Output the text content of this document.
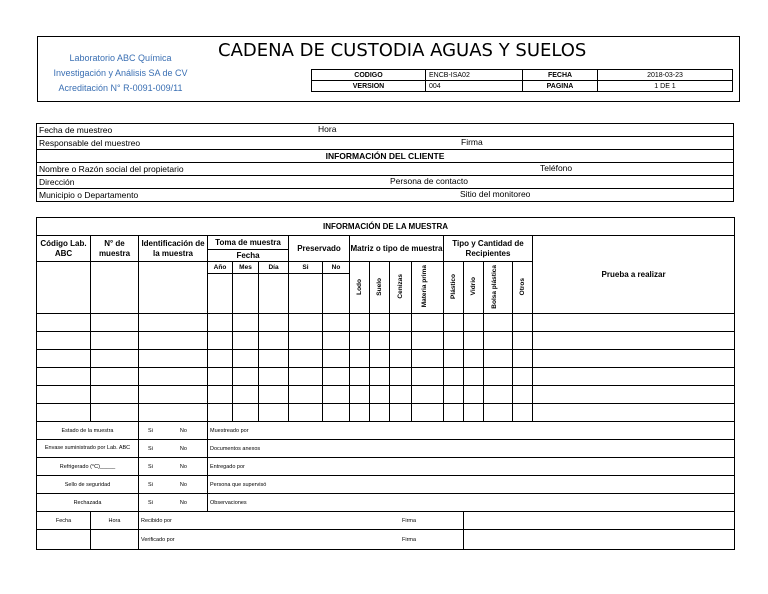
Laboratorio ABC Química
Investigación y Análisis SA de CV
Acreditación N° R-0091-009/11
CADENA DE CUSTODIA AGUAS Y SUELOS
CODIGO	ENCB-ISA02	FECHA	2018-03-23
VERSION	004	PAGINA	1 DE 1
Fecha de muestreo	Hora

Responsable del muestreo	Firma

INFORMACIÓN DEL CLIENTE
Nombre o Razón social del propietario	Teléfono

Dirección	Persona de contacto

Municipio o Departamento	Sitio del monitoreo
INFORMACIÓN DE LA MUESTRA																
Código Lab. ABC	N° de muestra	Identificación de la muestra	Toma de muestra			Preservado		Matriz o tipo de muestra				Tipo y Cantidad de Recipientes				Prueba a realizar
			Fecha													
			Año	Mes	Día	Si	No	Lodo	Suelo	Cenizas	Materia prima	Plástico	Vidrio	Bolsa plástica	Otros	

Estado de la muestra		Si No	Muestreado por													
Envase suministrado por Lab. ABC		Si No	Documentos anexos													
Refrigerado (°C)_____		Si No	Entregado por													
Sello de seguridad		Si No	Persona que supervisó													
Rechazada		Si No	Observaciones													
Fecha	Hora	Recibido por											Firma			
		Verificado por											Firma			
